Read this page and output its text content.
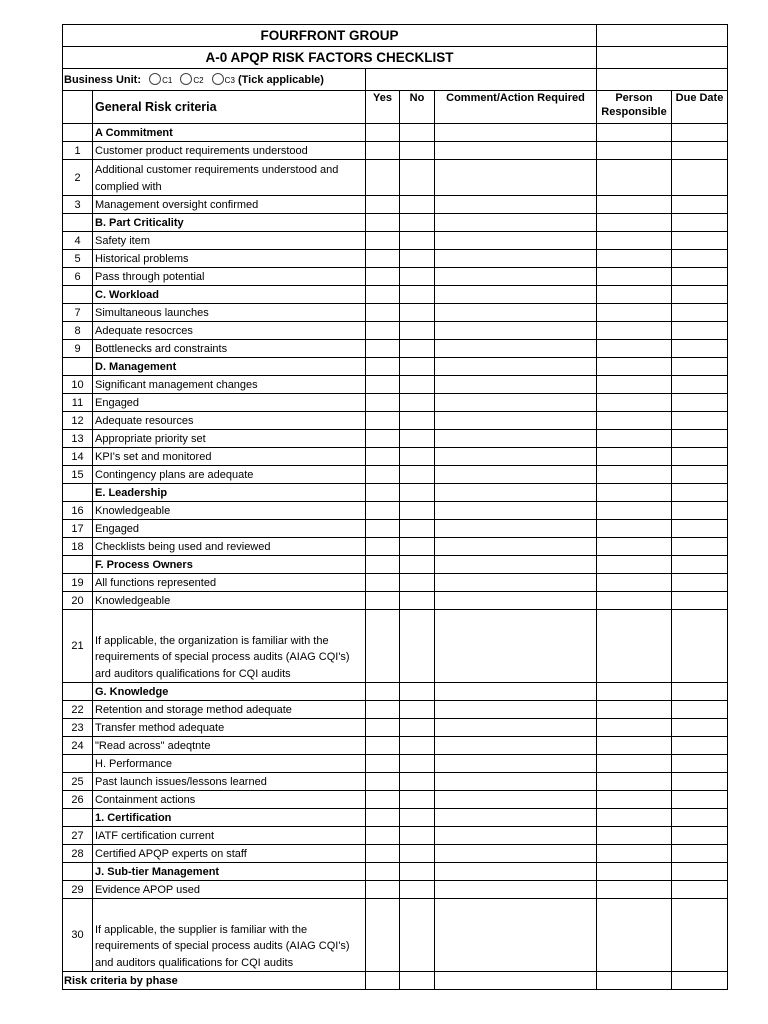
FOURFRONT GROUP						
A-0 APQP RISK FACTORS CHECKLIST						
Business Unit: C1 C2 C3 (Tick applicable)						
	General Risk criteria	Yes	No	Comment/Action Required	Person Responsible	Due Date
	A Commitment					
1	Customer product requirements understood					
2	Additional customer requirements understood and complied with					
3	Management oversight confirmed					
	B. Part Criticality					
4	Safety item					
5	Historical problems					
6	Pass through potential					
	C. Workload					
7	Simultaneous launches					
8	Adequate resocrces					
9	Bottlenecks ard constraints					
	D. Management					
10	Significant management changes					
11	Engaged					
12	Adequate resources					
13	Appropriate priority set					
14	KPI's set and monitored					
15	Contingency plans are adequate					
	E. Leadership					
16	Knowledgeable					
17	Engaged					
18	Checklists being used and reviewed					
	F. Process Owners					
19	All functions represented					
20	Knowledgeable					
21	If applicable, the organization is familiar with the requirements of special process audits (AIAG CQI's) ard auditors qualifications for CQI audits					
	G. Knowledge					
22	Retention and storage method adequate					
23	Transfer method adequate					
24	"Read across" adeqtnte					
	H. Performance					
25	Past launch issues/lessons learned					
26	Containment actions					
	1. Certification					
27	IATF certification current					
28	Certified APQP experts on staff					
	J. Sub-tier Management					
29	Evidence APOP used					
30	If applicable, the supplier is familiar with the requirements of special process audits (AIAG CQI's) and auditors qualifications for CQI audits					
Risk criteria by phase						
